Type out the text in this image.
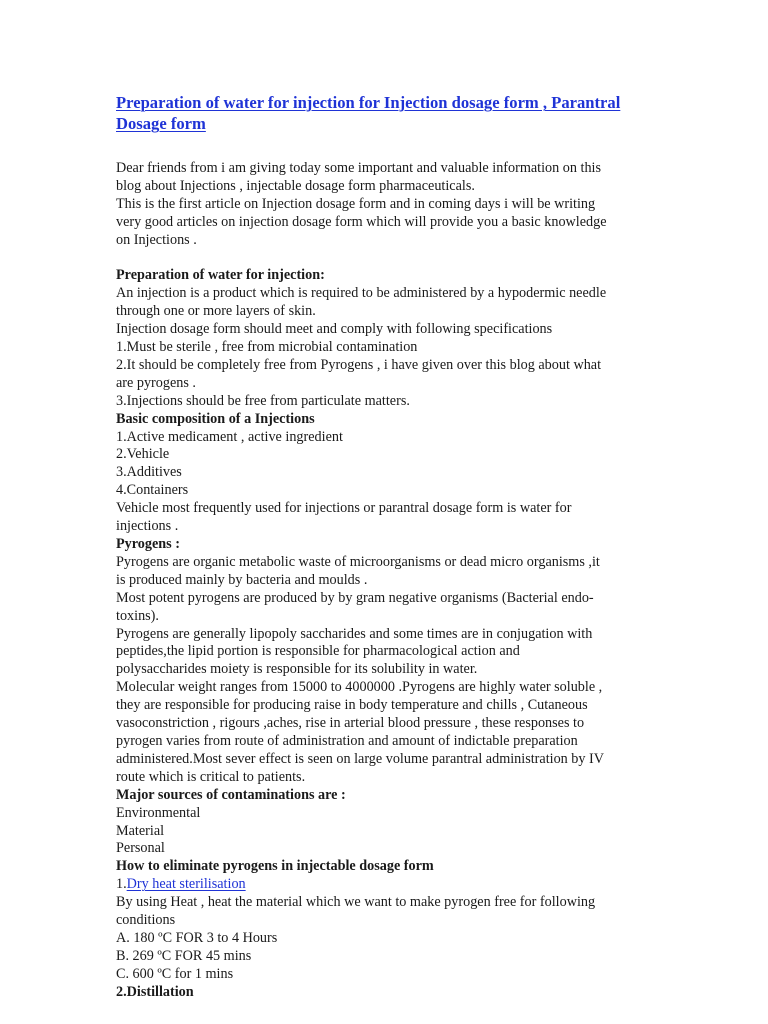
Preparation of water for injection for Injection dosage form , Parantral
Dosage form
Dear friends from i am giving today some important and valuable information on this
blog about Injections , injectable dosage form pharmaceuticals.
This is the first article on Injection dosage form and in coming days i will be writing
very good articles on injection dosage form which will provide you a basic knowledge
on Injections .
Preparation of water for injection:
An injection is a product which is required to be administered by a hypodermic needle
through one or more layers of skin.
Injection dosage form should meet and comply with following specifications
1.Must be sterile , free from microbial contamination
2.It should be completely free from Pyrogens , i have given over this blog about what
are pyrogens .
3.Injections should be free from particulate matters.
Basic composition of a Injections
1.Active medicament , active ingredient
2.Vehicle
3.Additives
4.Containers
Vehicle most frequently used for injections or parantral dosage form is water for
injections .
Pyrogens :
Pyrogens are organic metabolic waste of microorganisms or dead micro organisms ,it
is produced mainly by bacteria and moulds .
Most potent pyrogens are produced by by gram negative organisms (Bacterial endo-
toxins).
Pyrogens are generally lipopoly saccharides and some times are in conjugation with
peptides,the lipid portion is responsible for pharmacological action and
polysaccharides moiety is responsible for its solubility in water.
Molecular weight ranges from 15000 to 4000000 .Pyrogens are highly water soluble ,
they are responsible for producing raise in body temperature and chills , Cutaneous
vasoconstriction , rigours ,aches, rise in arterial blood pressure , these responses to
pyrogen varies from route of administration and amount of indictable preparation
administered.Most sever effect is seen on large volume parantral administration by IV
route which is critical to patients.
Major sources of contaminations are :
Environmental
Material
Personal
How to eliminate pyrogens in injectable dosage form
1.Dry heat sterilisation
By using Heat , heat the material which we want to make pyrogen free for following
conditions
A. 180 ºC FOR 3 to 4 Hours
B. 269 ºC FOR 45 mins
C. 600 ºC for 1 mins
2.Distillation
